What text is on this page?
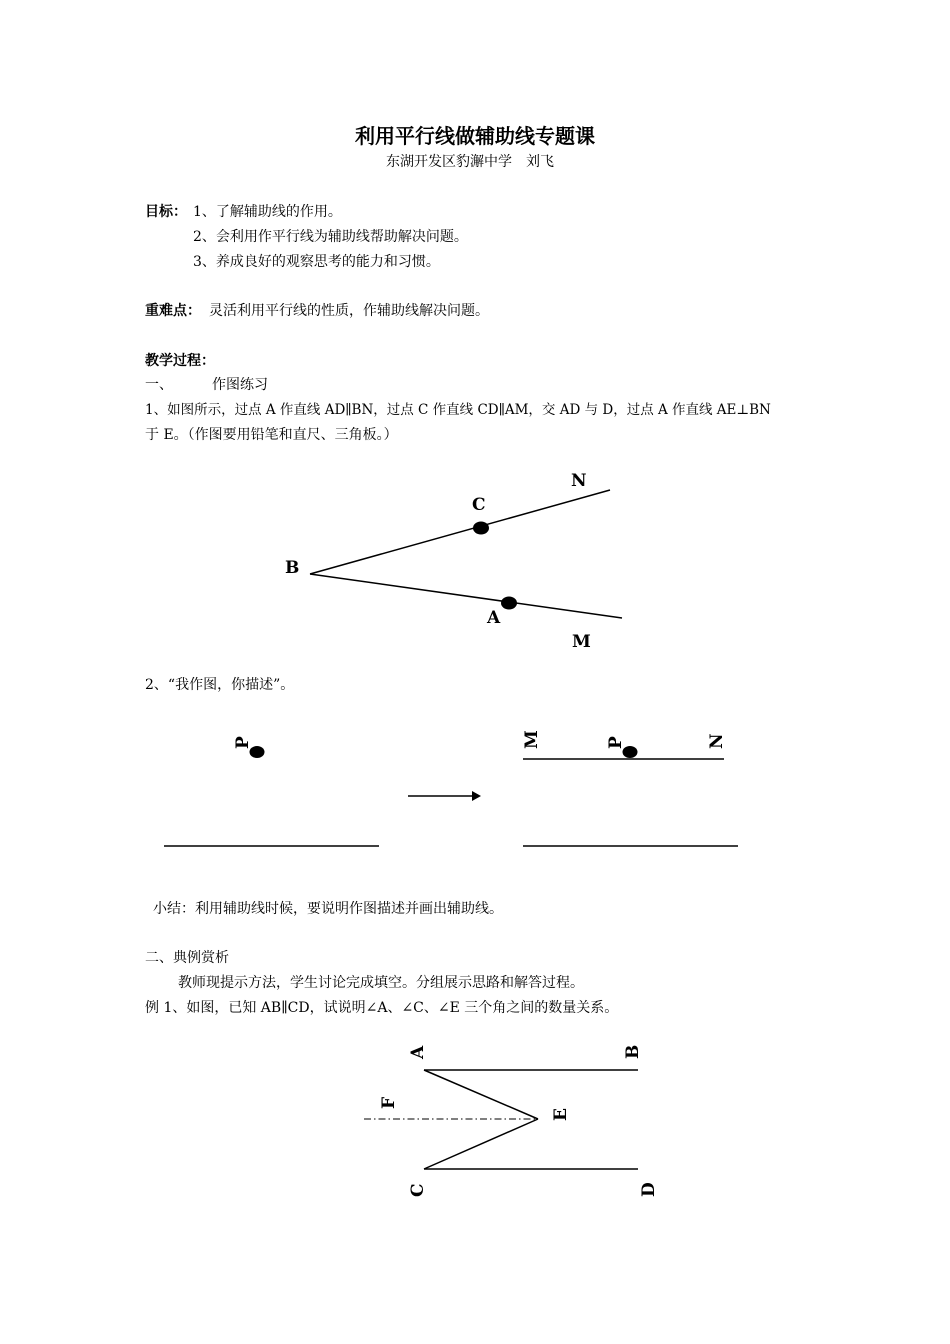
利用平行线做辅助线专题课
东湖开发区豹澥中学　刘飞
目标： 1、了解辅助线的作用。
2、会利用作平行线为辅助线帮助解决问题。
3、养成良好的观察思考的能力和习惯。
重难点： 灵活利用平行线的性质，作辅助线解决问题。
教学过程：
一、	作图练习
1、如图所示，过点 A 作直线 AD∥BN，过点 C 作直线 CD∥AM，交 AD 与 D，过点 A 作直线 AE⊥BN
于 E。（作图要用铅笔和直尺、三角板。）
N
C
B
A
M
P	M	P	N
A	B
F
E
C	D
2、“我作图，你描述”。
小结：利用辅助线时候，要说明作图描述并画出辅助线。
二、典例赏析
教师现提示方法，学生讨论完成填空。分组展示思路和解答过程。
例 1、如图，已知 AB∥CD，试说明∠A、∠C、∠E 三个角之间的数量关系。
